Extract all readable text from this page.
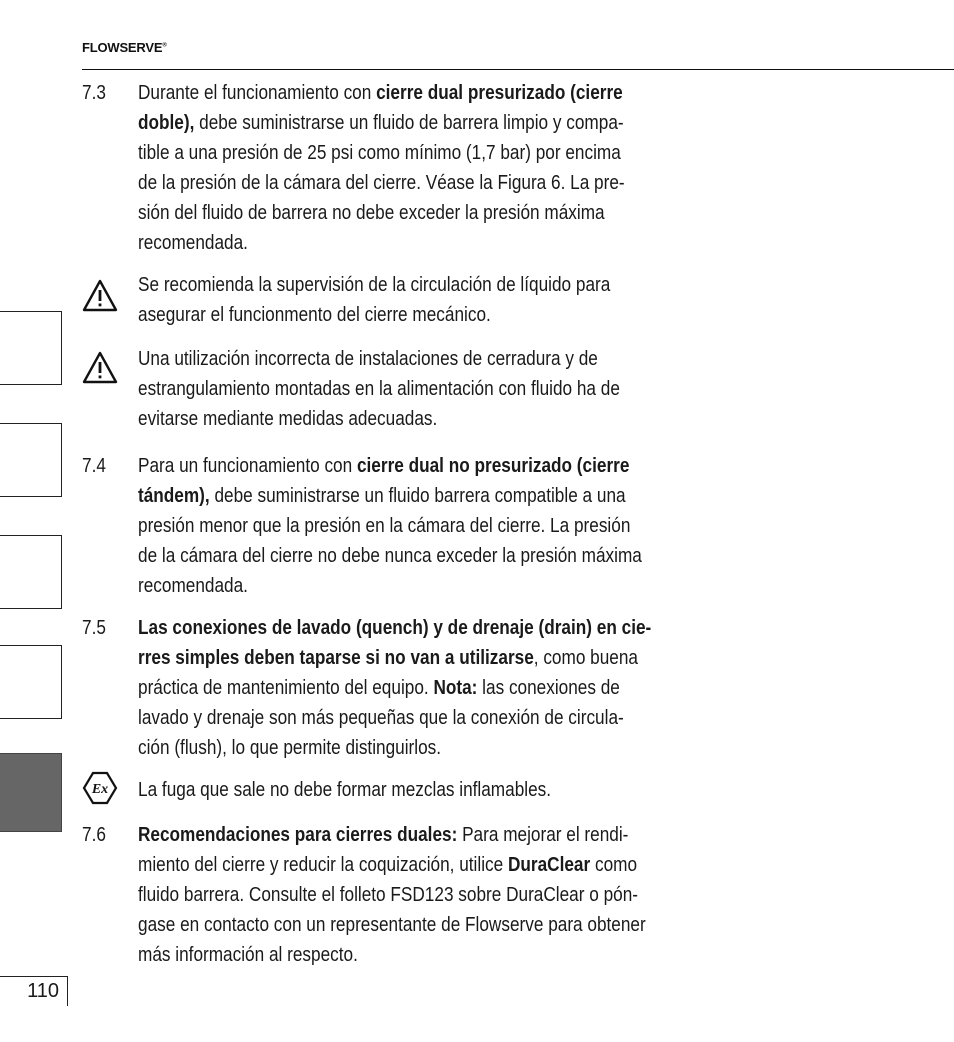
FLOWSERVE®
7.3 Durante el funcionamiento con cierre dual presurizado (cierre
doble), debe suministrarse un fluido de barrera limpio y compa-
tible a una presión de 25 psi como mínimo (1,7 bar) por encima
de la presión de la cámara del cierre. Véase la Figura 6. La pre-
sión del fluido de barrera no debe exceder la presión máxima
recomendada.
Se recomienda la supervisión de la circulación de líquido para
asegurar el funcionmento del cierre mecánico.
Una utilización incorrecta de instalaciones de cerradura y de
estrangulamiento montadas en la alimentación con fluido ha de
evitarse mediante medidas adecuadas.
7.4 Para un funcionamiento con cierre dual no presurizado (cierre
tándem), debe suministrarse un fluido barrera compatible a una
presión menor que la presión en la cámara del cierre. La presión
de la cámara del cierre no debe nunca exceder la presión máxima
recomendada.
7.5 Las conexiones de lavado (quench) y de drenaje (drain) en cie-
rres simples deben taparse si no van a utilizarse, como buena
práctica de mantenimiento del equipo. Nota: las conexiones de
lavado y drenaje son más pequeñas que la conexión de circula-
ción (flush), lo que permite distinguirlos.
Ex La fuga que sale no debe formar mezclas inflamables.
7.6 Recomendaciones para cierres duales: Para mejorar el rendi-
miento del cierre y reducir la coquización, utilice DuraClear como
fluido barrera. Consulte el folleto FSD123 sobre DuraClear o pón-
gase en contacto con un representante de Flowserve para obtener
más información al respecto.
110
